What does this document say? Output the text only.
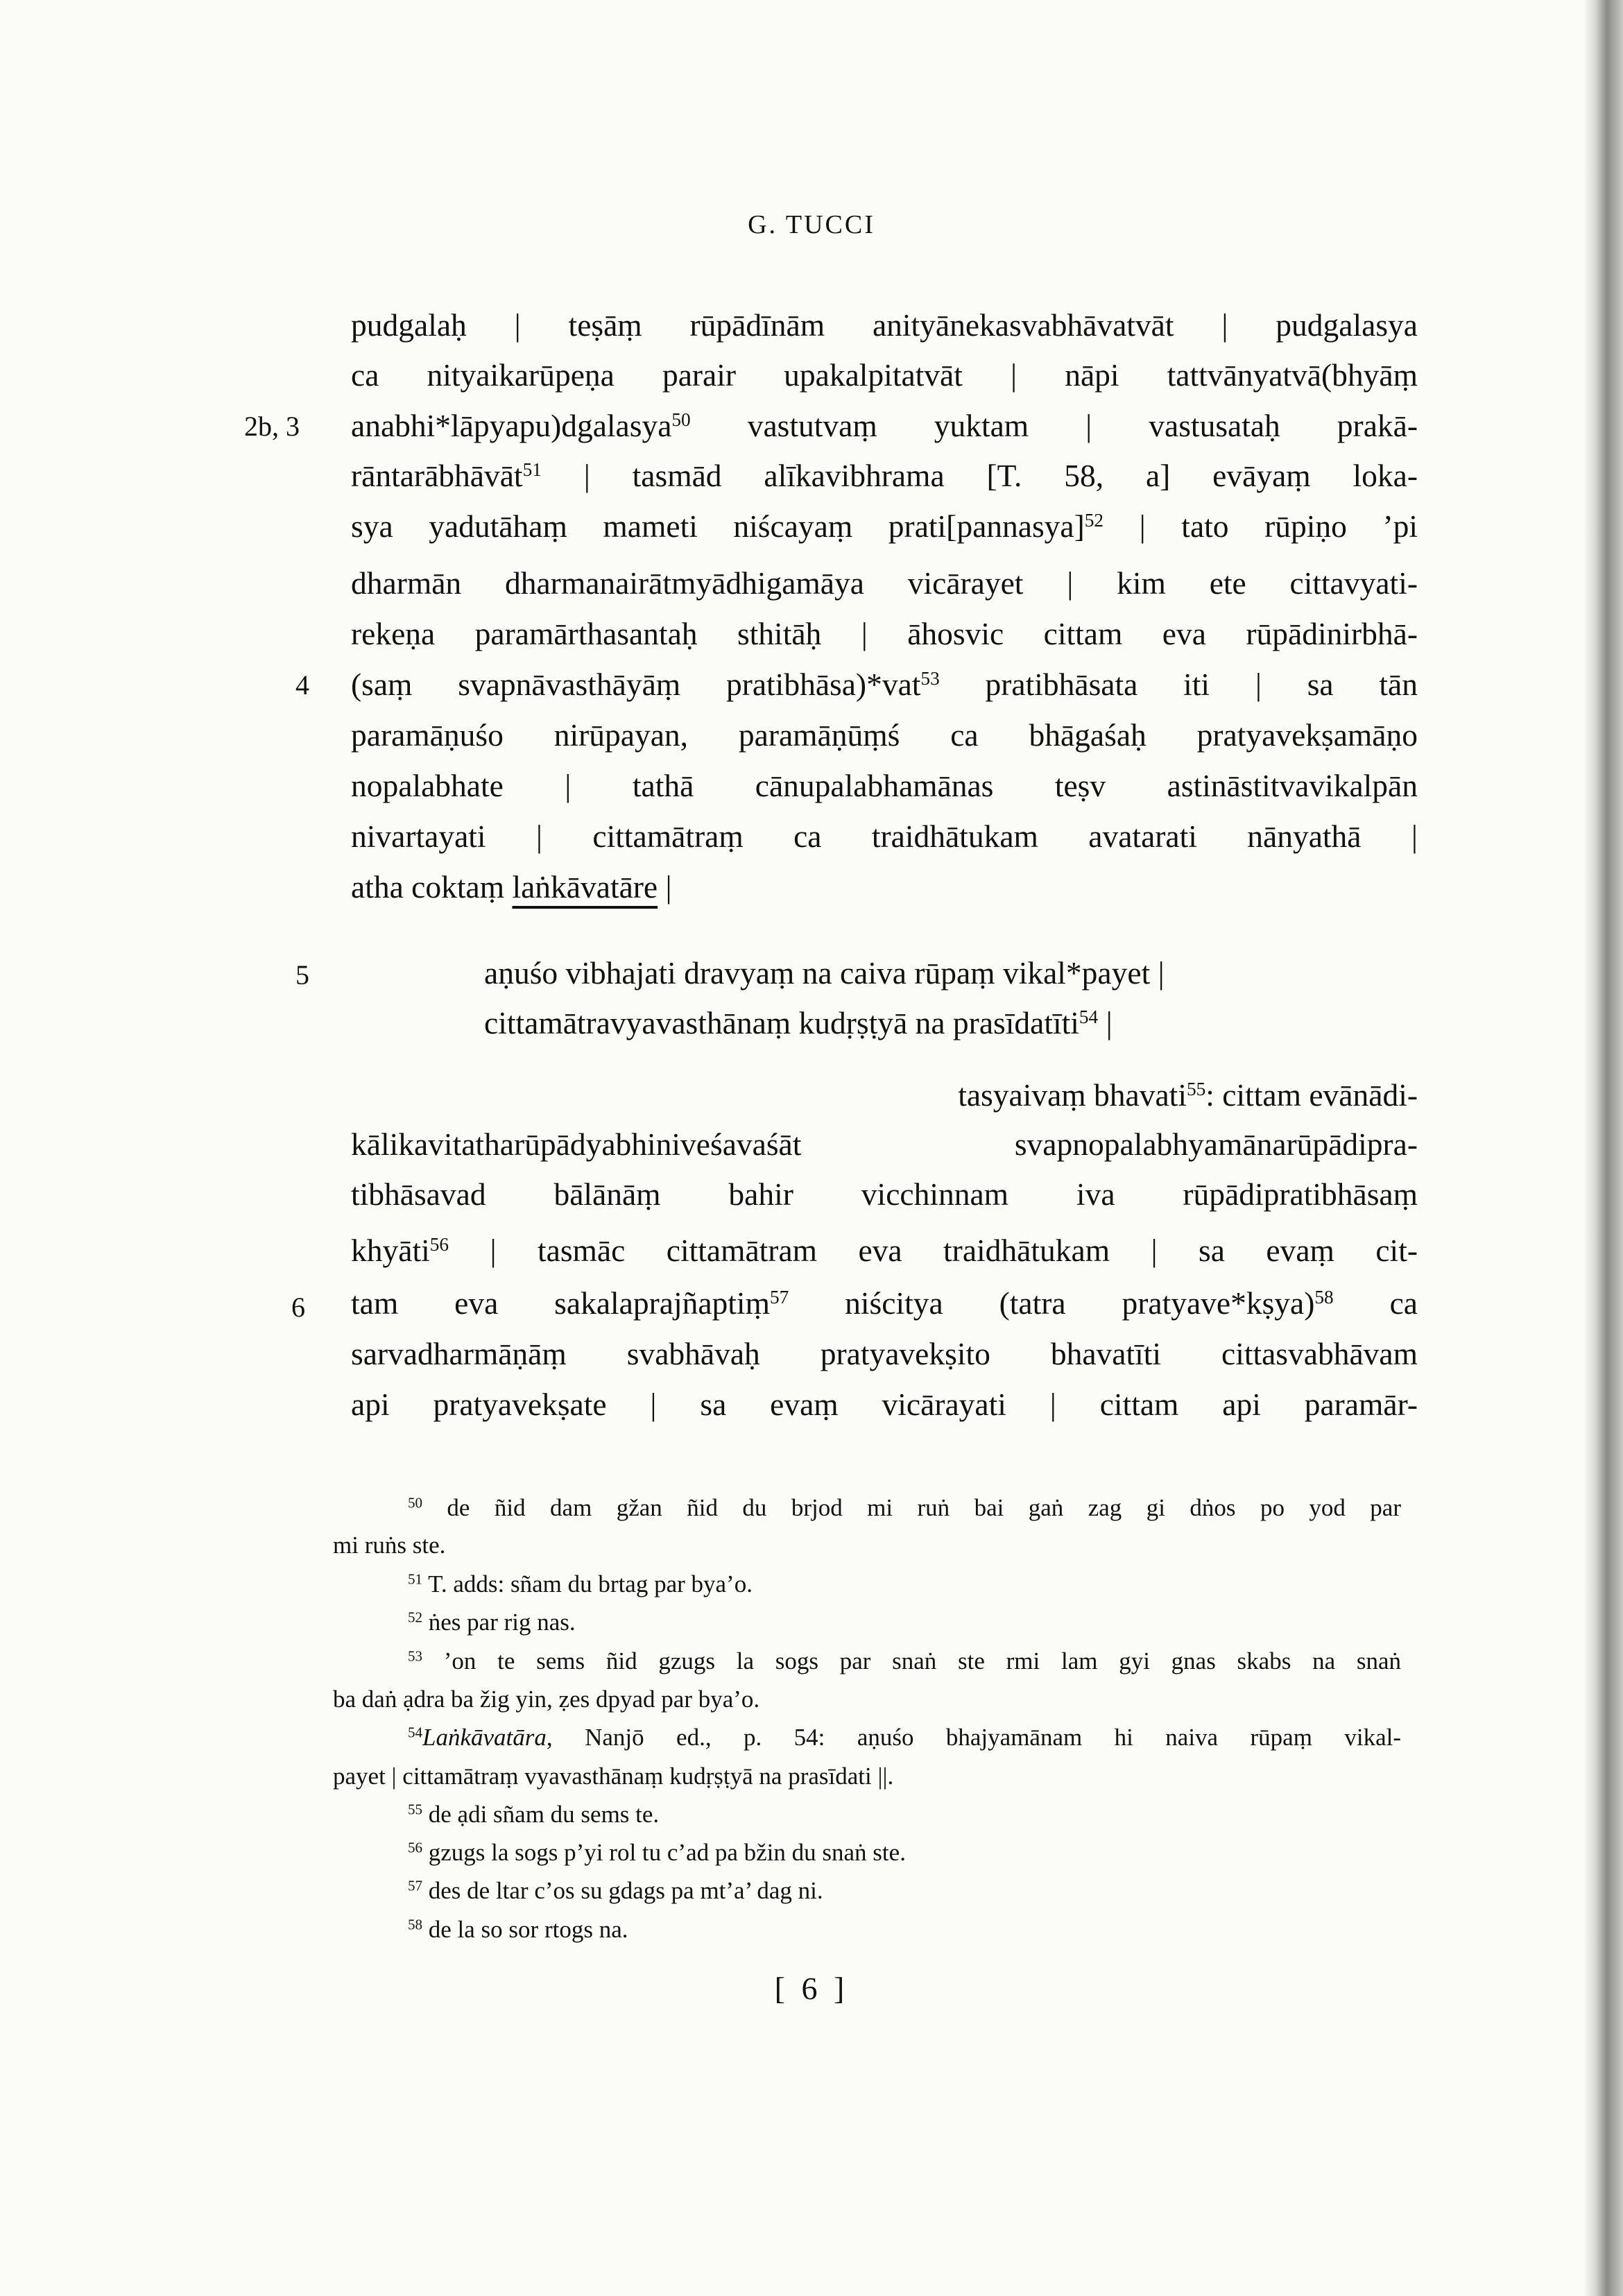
G. TUCCI
2b, 3
4
5
6
pudgalaḥ | teṣāṃ rūpādīnām anityānekasvabhāvatvāt | pudgalasya
ca nityaikarūpeṇa parair upakalpitatvāt | nāpi tattvānyatvā(bhyāṃ
anabhi*lāpyapu)dgalasya$^{50}$ vastutvaṃ yuktam | vastusataḥ prakā-
rāntarābhāvāt$^{51}$ | tasmād alīkavibhrama [T. 58, a] evāyaṃ loka-
sya yadutāhaṃ mameti niścayaṃ prati[pannasya]$^{52}$ | tato rūpiṇo ’pi
dharmān dharmanairātmyādhigamāya vicārayet | kim ete cittavyati-
rekeṇa paramārthasantaḥ sthitāḥ | āhosvic cittam eva rūpādinirbhā-
(saṃ svapnāvasthāyāṃ pratibhāsa)*vat$^{53}$ pratibhāsata iti | sa tān
paramāṇuśo nirūpayan, paramāṇūṃś ca bhāgaśaḥ pratyavekṣamāṇo
nopalabhate | tathā cānupalabhamānas teṣv astināstitvavikalpān
nivartayati | cittamātraṃ ca traidhātukam avatarati nānyathā |
atha coktaṃ laṅkāvatāre |
aṇuśo vibhajati dravyaṃ na caiva rūpaṃ vikal*payet |
cittamātravyavasthānaṃ kudṛṣṭyā na prasīdatīti$^{54}$ |
tasyaivaṃ bhavati$^{55}$: cittam evānādi-
kālikavitatharūpādyabhiniveśavaśāt svapnopalabhyamānarūpādipra-
tibhāsavad bālānāṃ bahir vicchinnam iva rūpādipratibhāsaṃ
khyāti$^{56}$ | tasmāc cittamātram eva traidhātukam | sa evaṃ cit-
tam eva sakalaprajñaptiṃ$^{57}$ niścitya (tatra pratyave*kṣya)$^{58}$ ca
sarvadharmāṇāṃ svabhāvaḥ pratyavekṣito bhavatīti cittasvabhāvam
api pratyavekṣate | sa evaṃ vicārayati | cittam api paramār-
$^{50}$ de ñid dam gžan ñid du brjod mi ruṅ bai gaṅ zag gi dṅos po yod par
mi ruṅs ste.
$^{51}$ T. adds: sñam du brtag par bya’o.
$^{52}$ ṅes par rig nas.
$^{53}$ ’on te sems ñid gzugs la sogs par snaṅ ste rmi lam gyi gnas skabs na snaṅ
ba daṅ ạdra ba žig yin, ẓes dpyad par bya’o.
$^{54}$Laṅkāvatāra, Nanjō ed., p. 54: aṇuśo bhajyamānam hi naiva rūpaṃ vikal-
payet | cittamātraṃ vyavasthānaṃ kudṛṣṭyā na prasīdati ||.
$^{55}$ de ạdi sñam du sems te.
$^{56}$ gzugs la sogs p’yi rol tu c’ad pa bžin du snaṅ ste.
$^{57}$ des de ltar c’os su gdags pa mt’a’ dag ni.
$^{58}$ de la so sor rtogs na.
[ 6 ]
